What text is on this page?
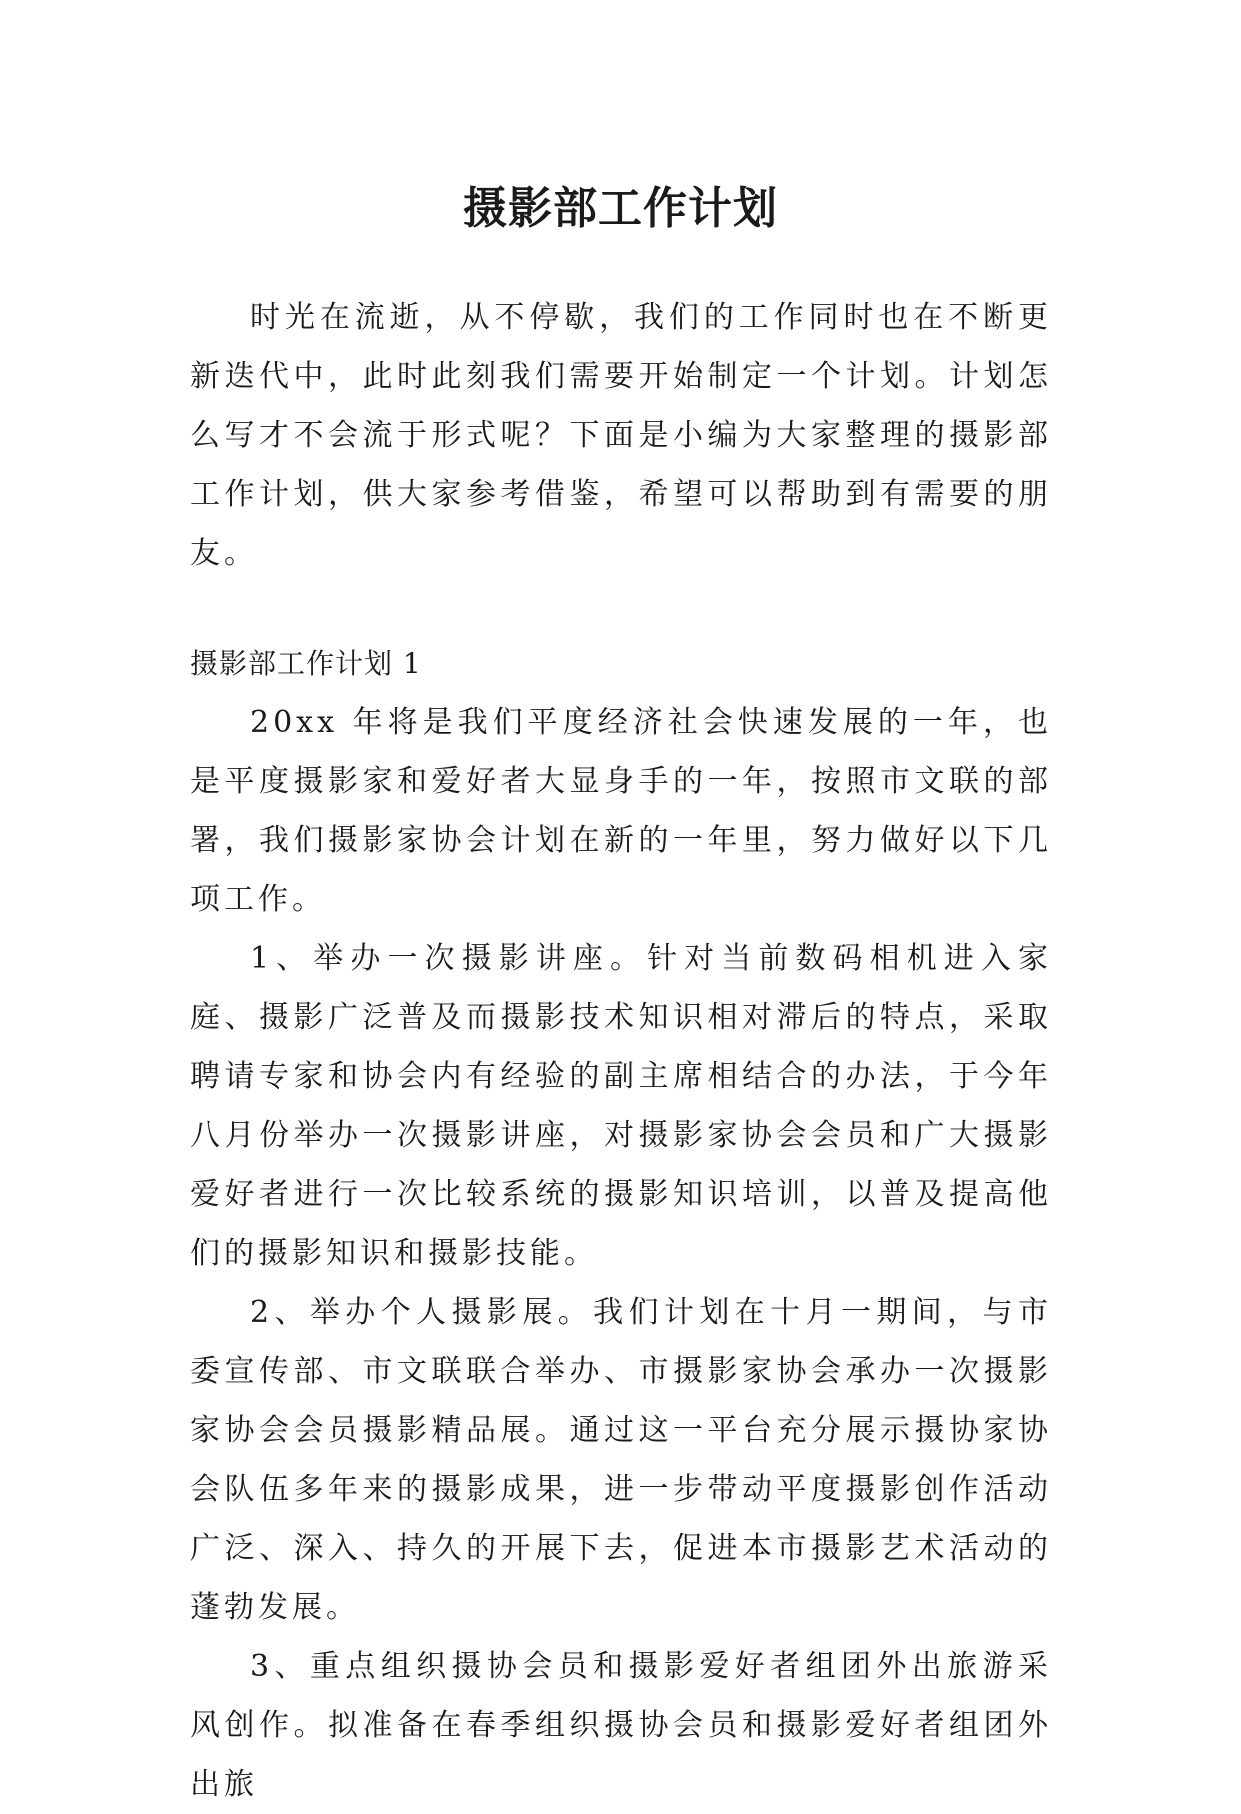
摄影部工作计划

时光在流逝，从不停歇，我们的工作同时也在不断更新迭代中，此时此刻我们需要开始制定一个计划。计划怎么写才不会流于形式呢？下面是小编为大家整理的摄影部工作计划，供大家参考借鉴，希望可以帮助到有需要的朋友。

摄影部工作计划 1

20xx 年将是我们平度经济社会快速发展的一年，也是平度摄影家和爱好者大显身手的一年，按照市文联的部署，我们摄影家协会计划在新的一年里，努力做好以下几项工作。

1、举办一次摄影讲座。针对当前数码相机进入家庭、摄影广泛普及而摄影技术知识相对滞后的特点，采取聘请专家和协会内有经验的副主席相结合的办法，于今年八月份举办一次摄影讲座，对摄影家协会会员和广大摄影爱好者进行一次比较系统的摄影知识培训，以普及提高他们的摄影知识和摄影技能。

2、举办个人摄影展。我们计划在十月一期间，与市委宣传部、市文联联合举办、市摄影家协会承办一次摄影家协会会员摄影精品展。通过这一平台充分展示摄协家协会队伍多年来的摄影成果，进一步带动平度摄影创作活动广泛、深入、持久的开展下去，促进本市摄影艺术活动的蓬勃发展。

3、重点组织摄协会员和摄影爱好者组团外出旅游采风创作。拟准备在春季组织摄协会员和摄影爱好者组团外出旅
